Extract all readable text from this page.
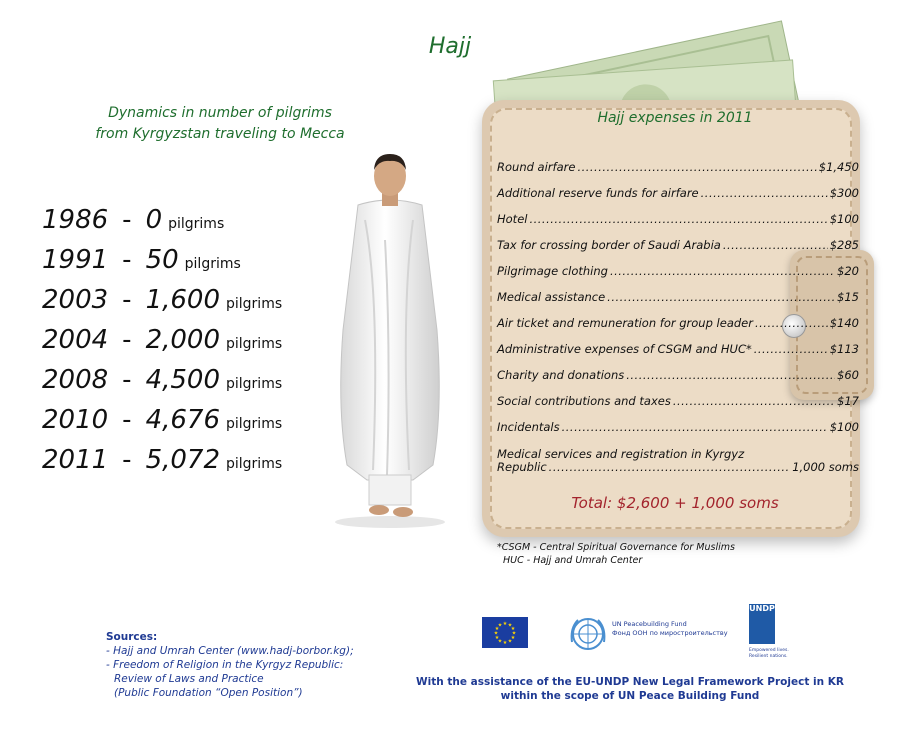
Hajj
Dynamics in number of pilgrims
from Kyrgyzstan traveling to Mecca
1986 - 0 pilgrims
1991 - 50 pilgrims
2003 - 1,600 pilgrims
2004 - 2,000 pilgrims
2008 - 4,500 pilgrims
2010 - 4,676 pilgrims
2011 - 5,072 pilgrims
Hajj expenses in 2011
Round airfare .....	$1,450
Additional reserve funds for airfare .....	$300
Hotel .....	$100
Tax for crossing border of Saudi Arabia .....	$285
Pilgrimage clothing .....	$20
Medical assistance .....	$15
Air ticket and remuneration for group leader .....	$140
Administrative expenses of CSGM and HUC* .....	$113
Charity and donations .....	$60
Social contributions and taxes .....	$17
Incidentals .....	$100
Medical services and registration in Kyrgyz
Republic .....	1,000 soms
Total: $2,600 + 1,000 soms
*CSGM - Central Spiritual Governance for Muslims
HUC - Hajj and Umrah Center
Sources:
- Hajj and Umrah Center (www.hadj-borbor.kg);
- Freedom of Religion in the Kyrgyz Republic:
Review of Laws and Practice
(Public Foundation “Open Position”)
★ ★
★
★
★
★
★
★
★
★
★
★	UN Peacebuilding Fund
Фонд ООН по миростроительству
UNDP
Empowered lives.
Resilient nations.
With the assistance of the EU-UNDP New Legal Framework Project in KR
within the scope of UN Peace Building Fund
